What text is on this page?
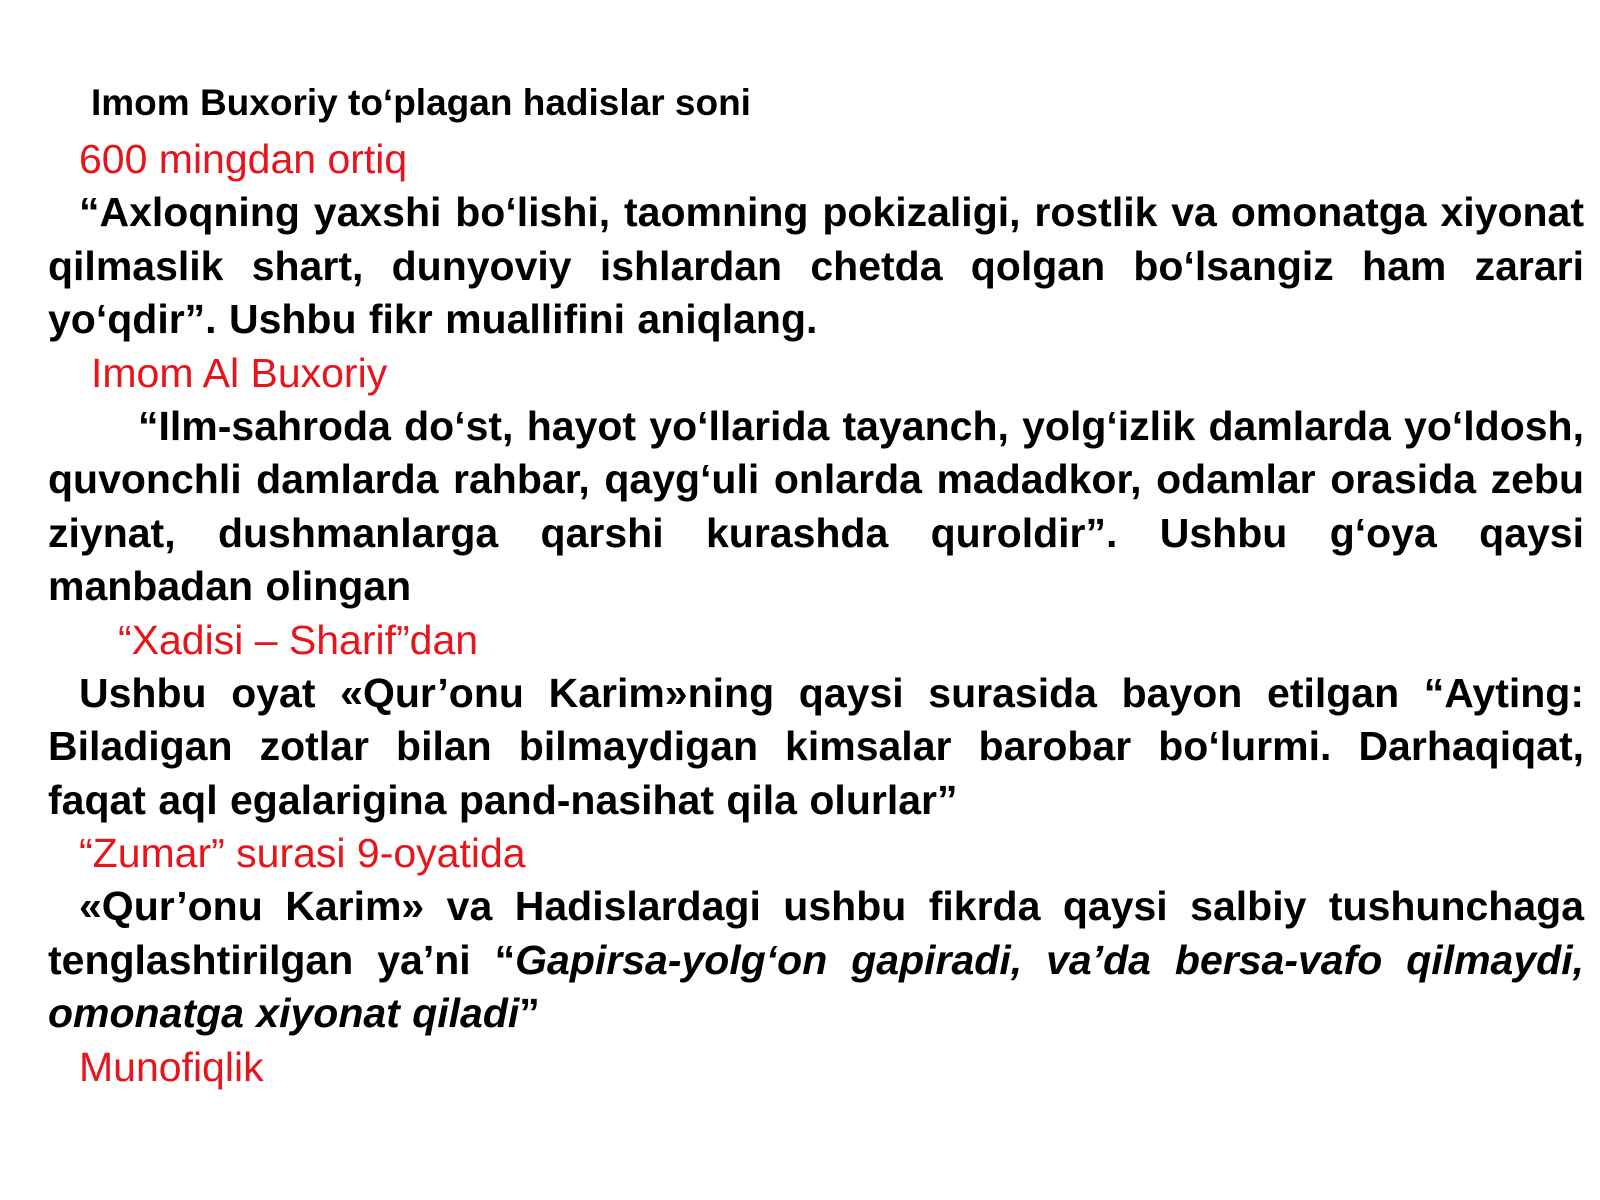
Imom Buxoriy to‘plagan hadislar soni
600 mingdan ortiq
“Axloqning yaxshi bo‘lishi, taomning pokizaligi, rostlik va omonatga xiyonat qilmaslik shart, dunyoviy ishlardan chetda qolgan bo‘lsangiz ham zarari yo‘qdir”. Ushbu fikr muallifini aniqlang.
Imom Al Buxoriy
“Ilm-sahroda do‘st, hayot yo‘llarida tayanch, yolg‘izlik damlarda yo‘ldosh, quvonchli damlarda rahbar, qayg‘uli onlarda madadkor, odamlar orasida zebu ziynat, dushmanlarga qarshi kurashda quroldir”. Ushbu g‘oya qaysi manbadan olingan
“Xadisi – Sharif”dan
Ushbu oyat «Qur’onu Karim»ning qaysi surasida bayon etilgan “Ayting: Biladigan zotlar bilan bilmaydigan kimsalar barobar bo‘lurmi. Darhaqiqat, faqat aql egalarigina pand-nasihat qila olurlar”
“Zumar” surasi 9-oyatida
«Qur’onu Karim» va Hadislardagi ushbu fikrda qaysi salbiy tushunchaga tenglashtirilgan ya’ni “Gapirsa-yolg‘on gapiradi, va’da bersa-vafo qilmaydi, omonatga xiyonat qiladi”
Munofiqlik
